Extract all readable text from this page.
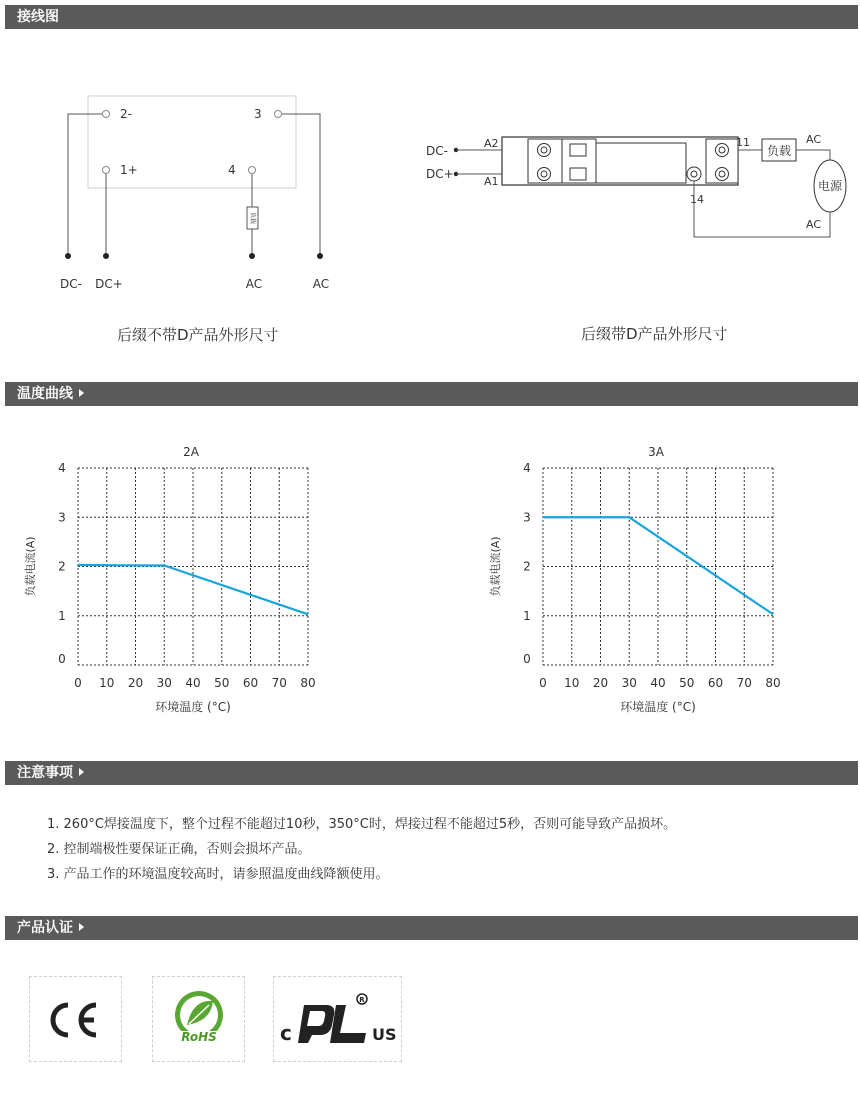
接线图
温度曲线
注意事项
产品认证
2-
1+
3
4
负载
DC- DC+	AC	AC
后缀不带D产品外形尺寸
DC-
DC+
A2
A1
11
14
负载
AC
电源
AC
后缀带D产品外形尺寸
0 10 20 30 40 50 60 70 80
0
1
2
3
4
2A
环境温度 (°C)
负载电流(A)
0 10 20 30 40 50 60 70 80
0
1
2
3
4
3A
环境温度 (°C)
负载电流(A)
1. 260°C焊接温度下，整个过程不能超过10秒，350°C时，焊接过程不能超过5秒，否则可能导致产品损坏。
2. 控制端极性要保证正确，否则会损坏产品。
3. 产品工作的环境温度较高时，请参照温度曲线降额使用。
CE
RoHS	c
R
US
